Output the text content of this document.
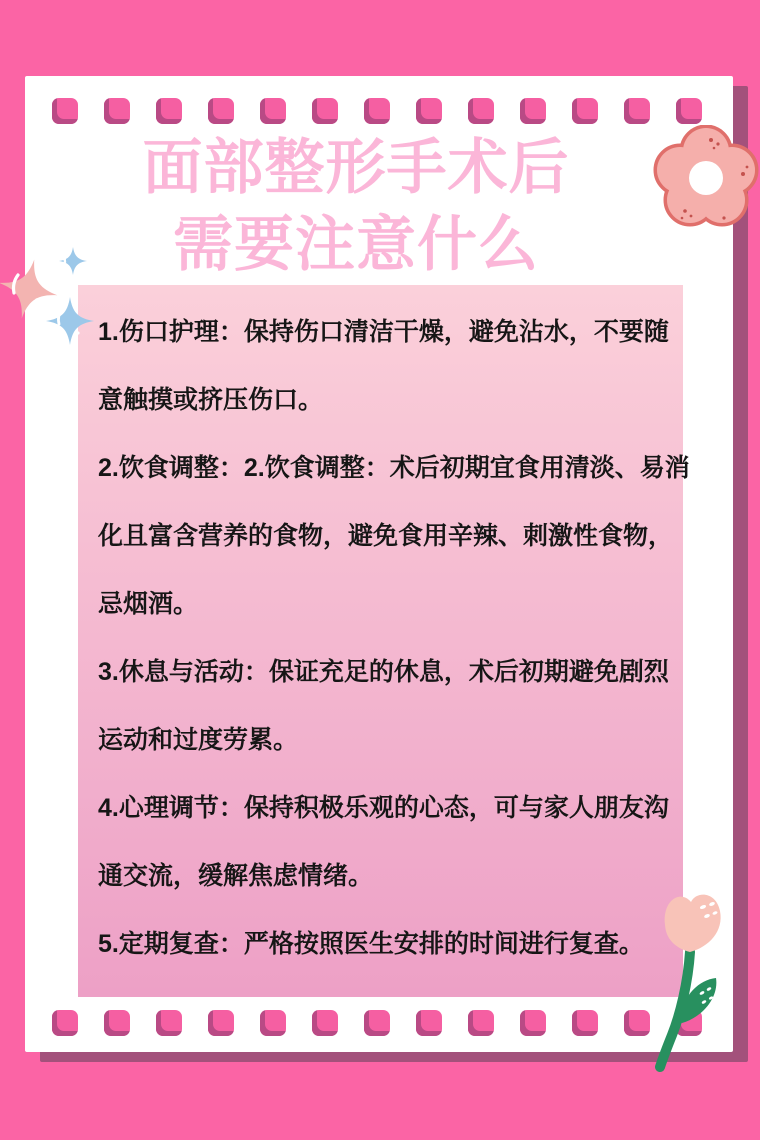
面部整形手术后
需要注意什么
1.伤口护理：保持伤口清洁干燥，避免沾水，不要随
意触摸或挤压伤口。
2.饮食调整：2.饮食调整：术后初期宜食用清淡、易消
化且富含营养的食物，避免食用辛辣、刺激性食物，
忌烟酒。
3.休息与活动：保证充足的休息，术后初期避免剧烈
运动和过度劳累。
4.心理调节：保持积极乐观的心态，可与家人朋友沟
通交流，缓解焦虑情绪。
5.定期复查：严格按照医生安排的时间进行复查。
